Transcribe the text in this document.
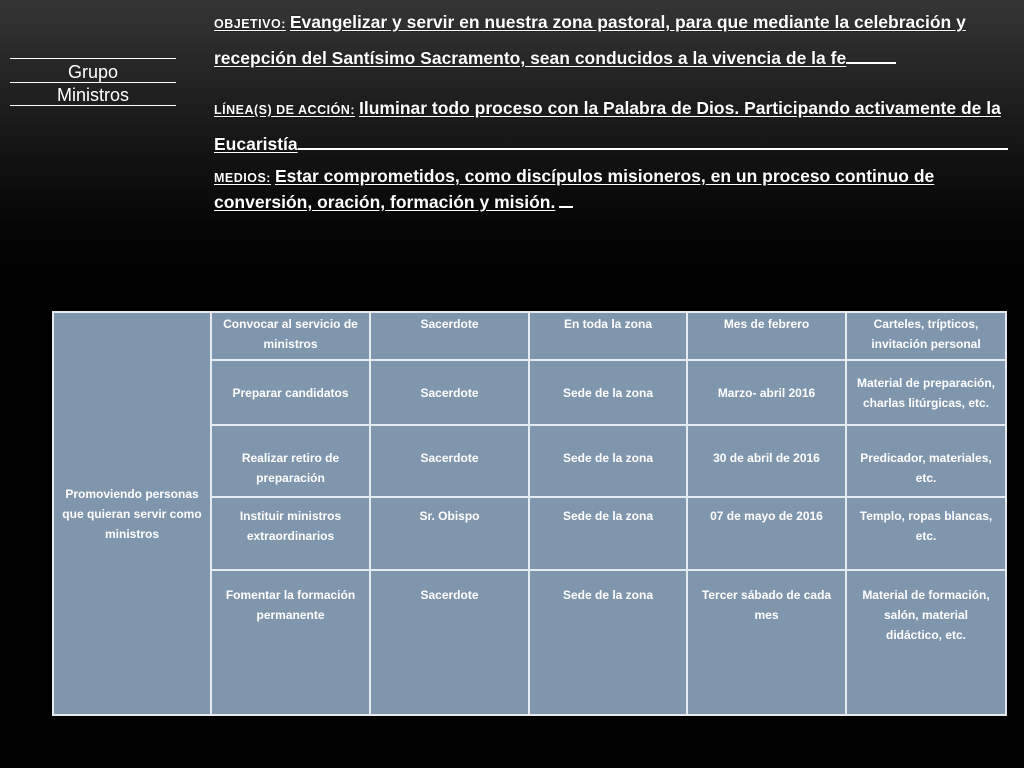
Grupo
Ministros
OBJETIVO: Evangelizar y servir en nuestra zona pastoral, para que mediante la celebración y
recepción del Santísimo Sacramento, sean conducidos a la vivencia de la fe
LÍNEA(S) DE ACCIÓN: Iluminar todo proceso con la Palabra de Dios. Participando activamente de la
Eucaristía
MEDIOS: Estar comprometidos, como discípulos misioneros, en un proceso continuo de
conversión, oración, formación y misión.
Promoviendo personas que quieran servir como ministros	Convocar al servicio de ministros	Sacerdote	En toda la zona	Mes de febrero	Carteles, trípticos, invitación personal
	Preparar candidatos	Sacerdote	Sede de la zona	Marzo- abril 2016	Material de preparación, charlas litúrgicas, etc.
	Realizar retiro de preparación	Sacerdote	Sede de la zona	30 de abril de 2016	Predicador, materiales, etc.
	Instituir ministros extraordinarios	Sr. Obispo	Sede de la zona	07 de mayo de 2016	Templo, ropas blancas, etc.
	Fomentar la formación permanente	Sacerdote	Sede de la zona	Tercer sábado de cada mes	Material de formación, salón, material didáctico, etc.
